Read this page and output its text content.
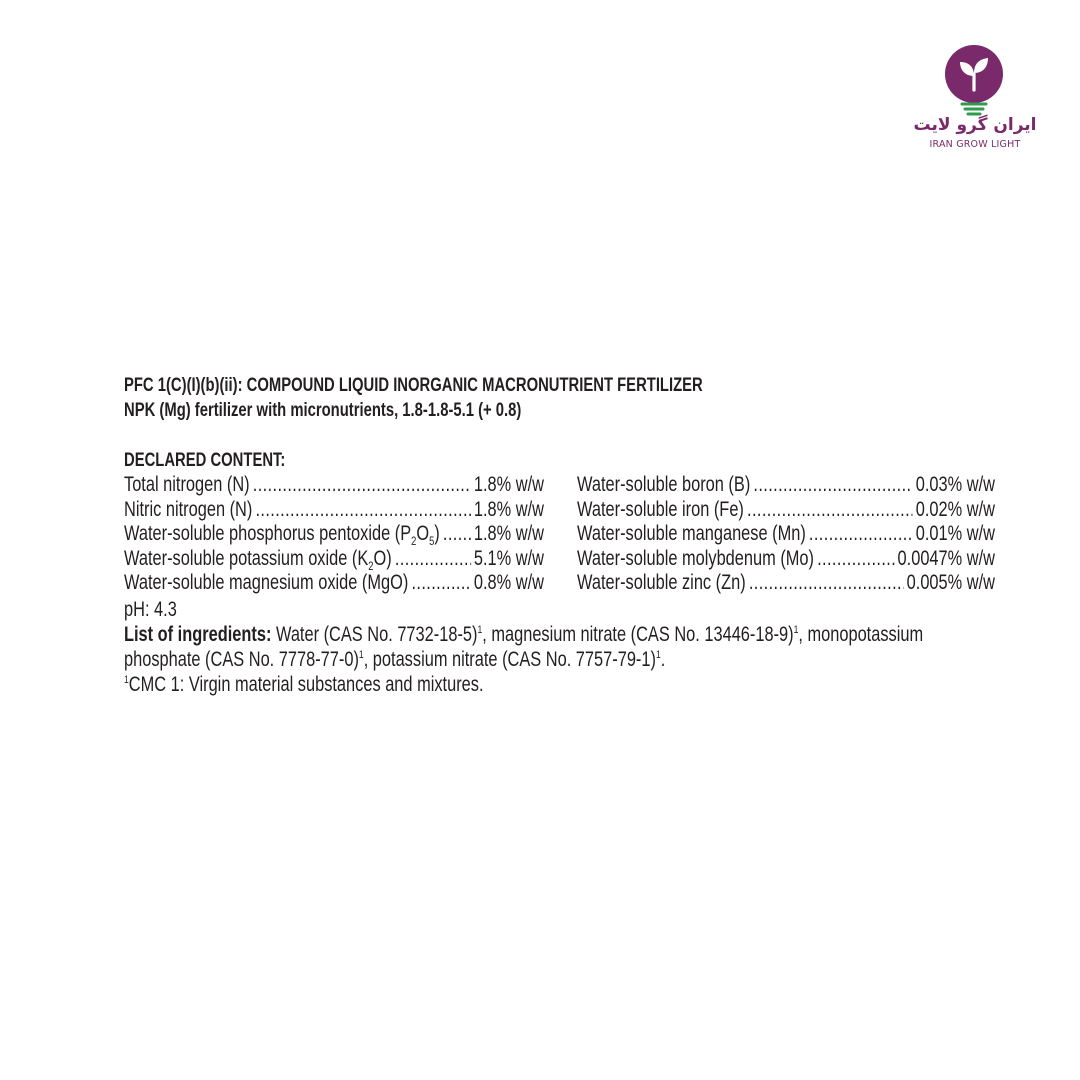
ایران گرو لایت
IRAN GROW LIGHT
PFC 1(C)(I)(b)(ii): COMPOUND LIQUID INORGANIC MACRONUTRIENT FERTILIZER
NPK (Mg) fertilizer with micronutrients, 1.8-1.8-5.1 (+ 0.8)
DECLARED CONTENT:
Total nitrogen (N) .....	1.8% w/w
Nitric nitrogen (N) .....	1.8% w/w
Water-soluble phosphorus pentoxide $(P_2O_5)$ ..... 1.8% w/w
Water-soluble potassium oxide $(K_2O)$ .....	5.1% w/w
Water-soluble magnesium oxide (MgO) .....	0.8% w/w
Water-soluble boron (B) .....	0.03% w/w
Water-soluble iron (Fe) .....	0.02% w/w
Water-soluble manganese (Mn) .....	0.01% w/w
Water-soluble molybdenum (Mo) .....	0.0047% w/w
Water-soluble zinc (Zn) .....	0.005% w/w
pH: 4.3
List of ingredients: Water (CAS No. 7732-18-5)$^1$, magnesium nitrate (CAS No. 13446-18-9)$^1$, monopotassium phosphate (CAS No. 7778-77-0)$^1$, potassium nitrate (CAS No. 7757-79-1)$^1$.
$^1$CMC 1: Virgin material substances and mixtures.
